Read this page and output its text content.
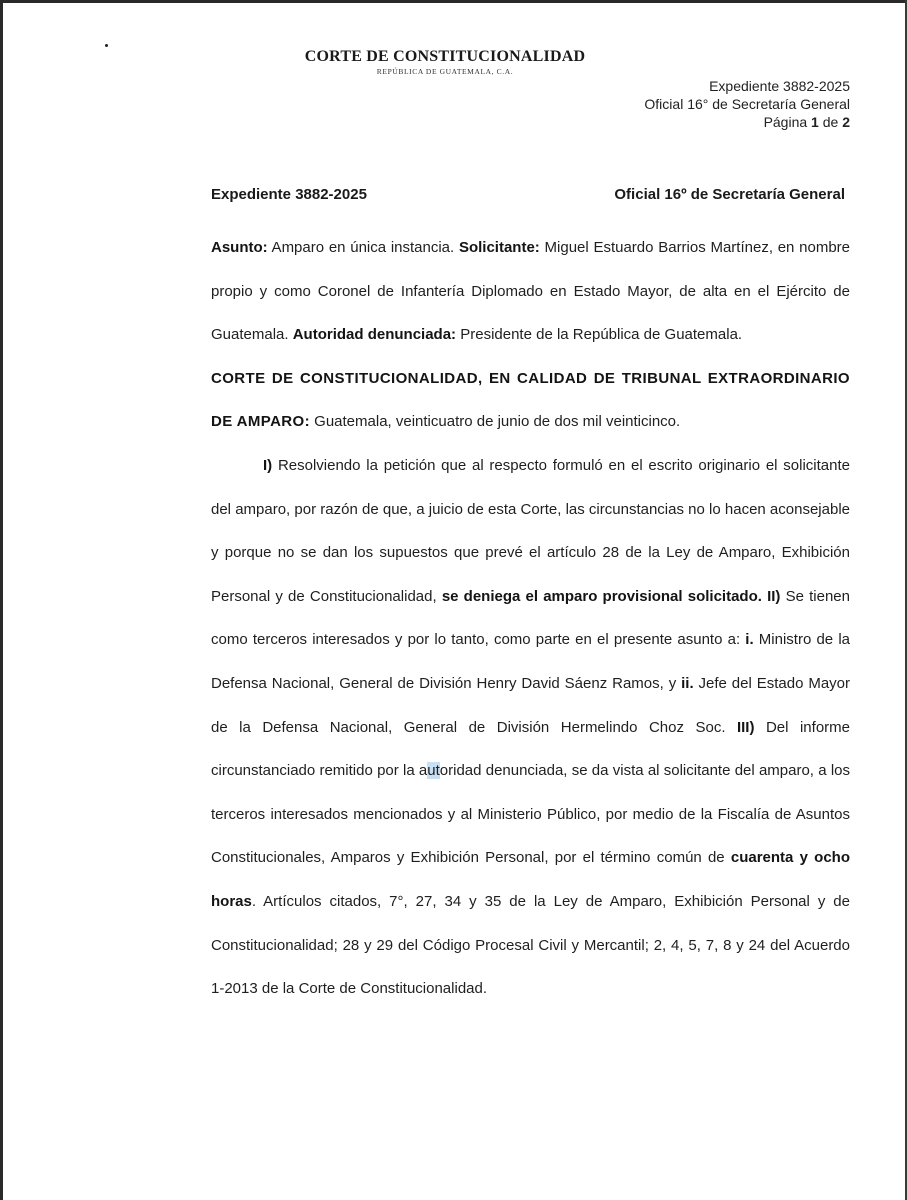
CORTE DE CONSTITUCIONALIDAD
REPÚBLICA DE GUATEMALA, C.A.
Expediente 3882-2025
Oficial 16° de Secretaría General
Página 1 de 2
Expediente 3882-2025	Oficial 16º de Secretaría General

Asunto: Amparo en única instancia. Solicitante: Miguel Estuardo Barrios Martínez, en nombre propio y como Coronel de Infantería Diplomado en Estado Mayor, de alta en el Ejército de Guatemala. Autoridad denunciada: Presidente de la República de Guatemala.

CORTE DE CONSTITUCIONALIDAD, EN CALIDAD DE TRIBUNAL EXTRAORDINARIO DE AMPARO: Guatemala, veinticuatro de junio de dos mil veinticinco.

I) Resolviendo la petición que al respecto formuló en el escrito originario el solicitante del amparo, por razón de que, a juicio de esta Corte, las circunstancias no lo hacen aconsejable y porque no se dan los supuestos que prevé el artículo 28 de la Ley de Amparo, Exhibición Personal y de Constitucionalidad, se deniega el amparo provisional solicitado. II) Se tienen como terceros interesados y por lo tanto, como parte en el presente asunto a: i. Ministro de la Defensa Nacional, General de División Henry David Sáenz Ramos, y ii. Jefe del Estado Mayor de la Defensa Nacional, General de División Hermelindo Choz Soc. III) Del informe circunstanciado remitido por la autoridad denunciada, se da vista al solicitante del amparo, a los terceros interesados mencionados y al Ministerio Público, por medio de la Fiscalía de Asuntos Constitucionales, Amparos y Exhibición Personal, por el término común de cuarenta y ocho horas. Artículos citados, 7°, 27, 34 y 35 de la Ley de Amparo, Exhibición Personal y de Constitucionalidad; 28 y 29 del Código Procesal Civil y Mercantil; 2, 4, 5, 7, 8 y 24 del Acuerdo 1-2013 de la Corte de Constitucionalidad.
